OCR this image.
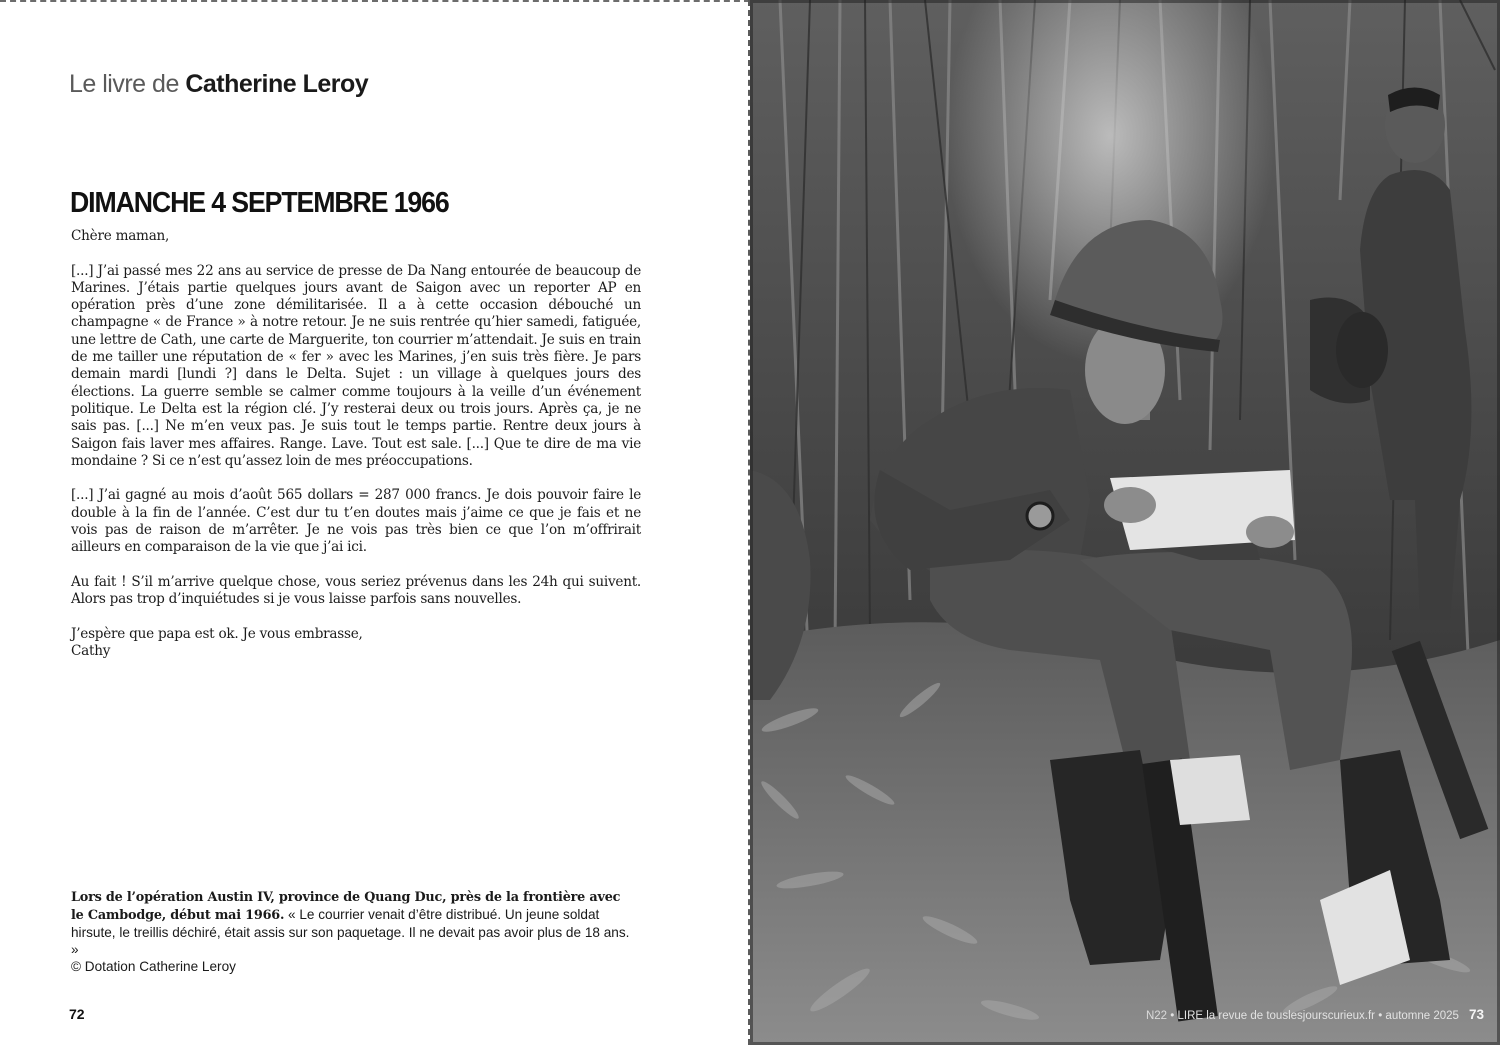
Le livre de Catherine Leroy
DIMANCHE 4 SEPTEMBRE 1966

Chère maman,

[...] J’ai passé mes 22 ans au service de presse de Da Nang entourée de beaucoup de Marines. J’étais partie quelques jours avant de Saigon avec un reporter AP en opération près d’une zone démilitarisée. Il a à cette occasion débouché un champagne « de France » à notre retour. Je ne suis rentrée qu’hier samedi, fatiguée, une lettre de Cath, une carte de Marguerite, ton courrier m’attendait. Je suis en train de me tailler une réputation de « fer » avec les Marines, j’en suis très fière. Je pars demain mardi [lundi ?] dans le Delta. Sujet : un village à quelques jours des élections. La guerre semble se calmer comme toujours à la veille d’un événement politique. Le Delta est la région clé. J’y resterai deux ou trois jours. Après ça, je ne sais pas. [...] Ne m’en veux pas. Je suis tout le temps partie. Rentre deux jours à Saigon fais laver mes affaires. Range. Lave. Tout est sale. [...] Que te dire de ma vie mondaine ? Si ce n’est qu’assez loin de mes préoccupations.

[...] J’ai gagné au mois d’août 565 dollars = 287 000 francs. Je dois pouvoir faire le double à la fin de l’année. C’est dur tu t’en doutes mais j’aime ce que je fais et ne vois pas de raison de m’arrêter. Je ne vois pas très bien ce que l’on m’offrirait ailleurs en comparaison de la vie que j’ai ici.

Au fait ! S’il m’arrive quelque chose, vous seriez prévenus dans les 24h qui suivent. Alors pas trop d’inquiétudes si je vous laisse parfois sans nouvelles.

J’espère que papa est ok. Je vous embrasse,

Cathy

Lors de l’opération Austin IV, province de Quang Duc, près de la frontière avec le Cambodge, début mai 1966. « Le courrier venait d’être distribué. Un jeune soldat hirsute, le treillis déchiré, était assis sur son paquetage. Il ne devait pas avoir plus de 18 ans. »
© Dotation Catherine Leroy
72	N22 • LIRE la revue de touslesjourscurieux.fr • automne 2025 73
